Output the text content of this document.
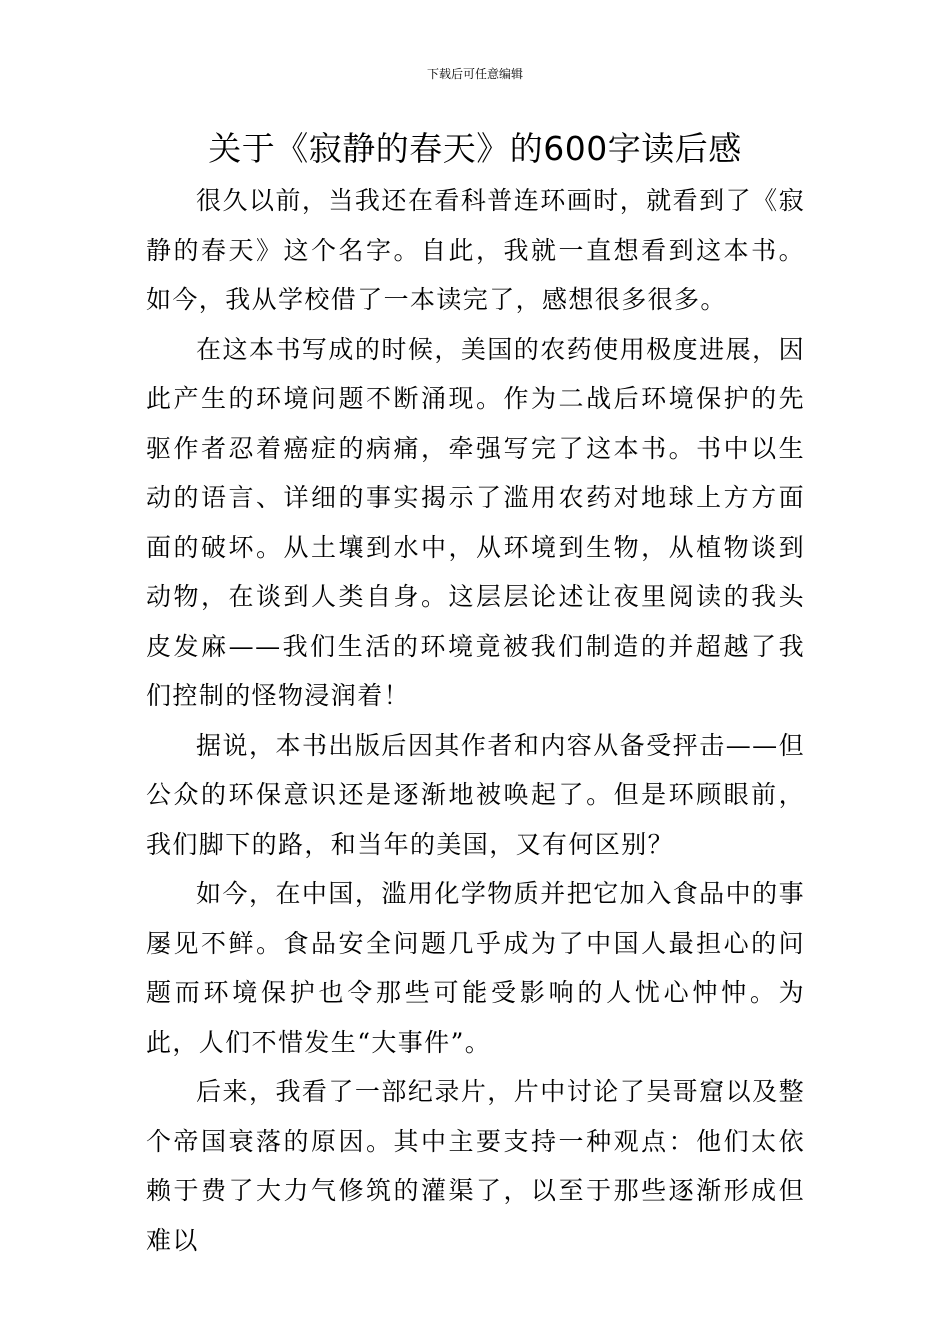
下载后可任意编辑
关于《寂静的春天》的600字读后感

很久以前，当我还在看科普连环画时，就看到了《寂静的春天》这个名字。自此，我就一直想看到这本书。如今，我从学校借了一本读完了，感想很多很多。

在这本书写成的时候，美国的农药使用极度进展，因此产生的环境问题不断涌现。作为二战后环境保护的先驱作者忍着癌症的病痛，牵强写完了这本书。书中以生动的语言、详细的事实揭示了滥用农药对地球上方方面面的破坏。从土壤到水中，从环境到生物，从植物谈到动物，在谈到人类自身。这层层论述让夜里阅读的我头皮发麻——我们生活的环境竟被我们制造的并超越了我们控制的怪物浸润着！

据说，本书出版后因其作者和内容从备受抨击——但公众的环保意识还是逐渐地被唤起了。但是环顾眼前，我们脚下的路，和当年的美国，又有何区别？

如今，在中国，滥用化学物质并把它加入食品中的事屡见不鲜。食品安全问题几乎成为了中国人最担心的问题而环境保护也令那些可能受影响的人忧心忡忡。为此，人们不惜发生“大事件”。

后来，我看了一部纪录片，片中讨论了吴哥窟以及整个帝国衰落的原因。其中主要支持一种观点：他们太依赖于费了大力气修筑的灌渠了，以至于那些逐渐形成但难以
